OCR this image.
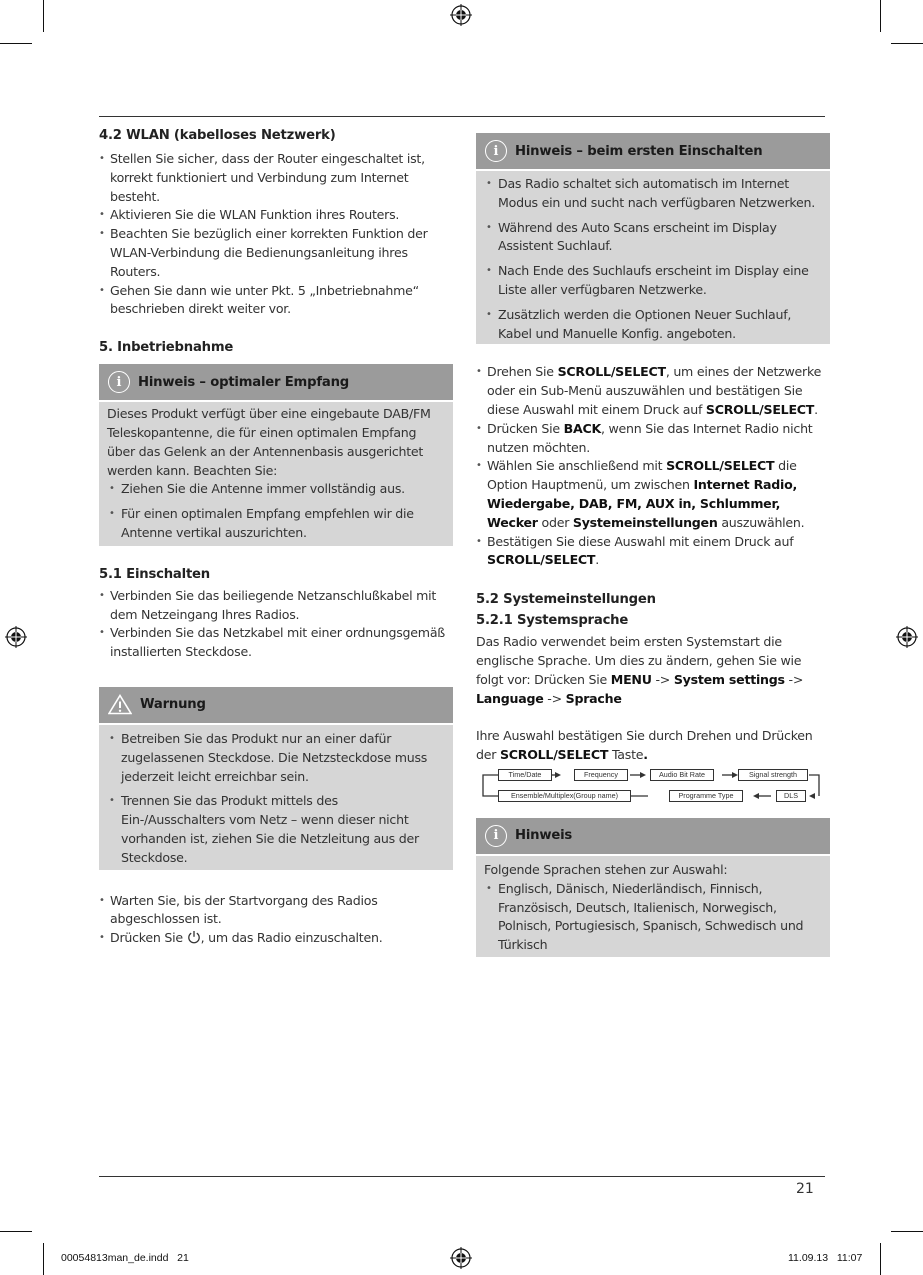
4.2 WLAN (kabelloses Netzwerk)
• Stellen Sie sicher, dass der Router eingeschaltet ist, korrekt funktioniert und Verbindung zum Internet besteht.
• Aktivieren Sie die WLAN Funktion ihres Routers.
• Beachten Sie bezüglich einer korrekten Funktion der WLAN-Verbindung die Bedienungsanleitung ihres Routers.
• Gehen Sie dann wie unter Pkt. 5 „Inbetriebnahme“ beschrieben direkt weiter vor.
5. Inbetriebnahme
i	Hinweis – optimaler Empfang
Dieses Produkt verfügt über eine eingebaute DAB/FM Teleskopantenne, die für einen optimalen Empfang über das Gelenk an der Antennenbasis ausgerichtet werden kann. Beachten Sie:
• Ziehen Sie die Antenne immer vollständig aus.
• Für einen optimalen Empfang empfehlen wir die Antenne vertikal auszurichten.
5.1 Einschalten
• Verbinden Sie das beiliegende Netzanschlußkabel mit dem Netzeingang Ihres Radios.
• Verbinden Sie das Netzkabel mit einer ordnungsgemäß installierten Steckdose.
Warnung
• Betreiben Sie das Produkt nur an einer dafür zugelassenen Steckdose. Die Netzsteckdose muss jederzeit leicht erreichbar sein.
• Trennen Sie das Produkt mittels des Ein-/Ausschalters vom Netz – wenn dieser nicht vorhanden ist, ziehen Sie die Netzleitung aus der Steckdose.
• Warten Sie, bis der Startvorgang des Radios abgeschlossen ist.
• Drücken Sie , um das Radio einzuschalten.
i	Hinweis – beim ersten Einschalten
• Das Radio schaltet sich automatisch im Internet Modus ein und sucht nach verfügbaren Netzwerken.
• Während des Auto Scans erscheint im Display Assistent Suchlauf.
• Nach Ende des Suchlaufs erscheint im Display eine Liste aller verfügbaren Netzwerke.
• Zusätzlich werden die Optionen Neuer Suchlauf, Kabel und Manuelle Konfig. angeboten.
• Drehen Sie SCROLL/SELECT, um eines der Netzwerke oder ein Sub-Menü auszuwählen und bestätigen Sie diese Auswahl mit einem Druck auf SCROLL/SELECT.
• Drücken Sie BACK, wenn Sie das Internet Radio nicht nutzen möchten.
• Wählen Sie anschließend mit SCROLL/SELECT die Option Hauptmenü, um zwischen Internet Radio, Wiedergabe, DAB, FM, AUX in, Schlummer, Wecker oder Systemeinstellungen auszuwählen.
• Bestätigen Sie diese Auswahl mit einem Druck auf SCROLL/SELECT.
5.2 Systemeinstellungen
5.2.1 Systemsprache
Das Radio verwendet beim ersten Systemstart die englische Sprache. Um dies zu ändern, gehen Sie wie folgt vor: Drücken Sie MENU -> System settings -> Language -> Sprache
Ihre Auswahl bestätigen Sie durch Drehen und Drücken der SCROLL/SELECT Taste.
Time/Date	Frequency	Audio Bit Rate	Signal strength
Ensemble/Multiplex(Group name)	Programme Type	DLS
i	Hinweis
Folgende Sprachen stehen zur Auswahl:
• Englisch, Dänisch, Niederländisch, Finnisch, Französisch, Deutsch, Italienisch, Norwegisch, Polnisch, Portugiesisch, Spanisch, Schwedisch und Türkisch
21
00054813man_de.indd   21	11.09.13   11:07
